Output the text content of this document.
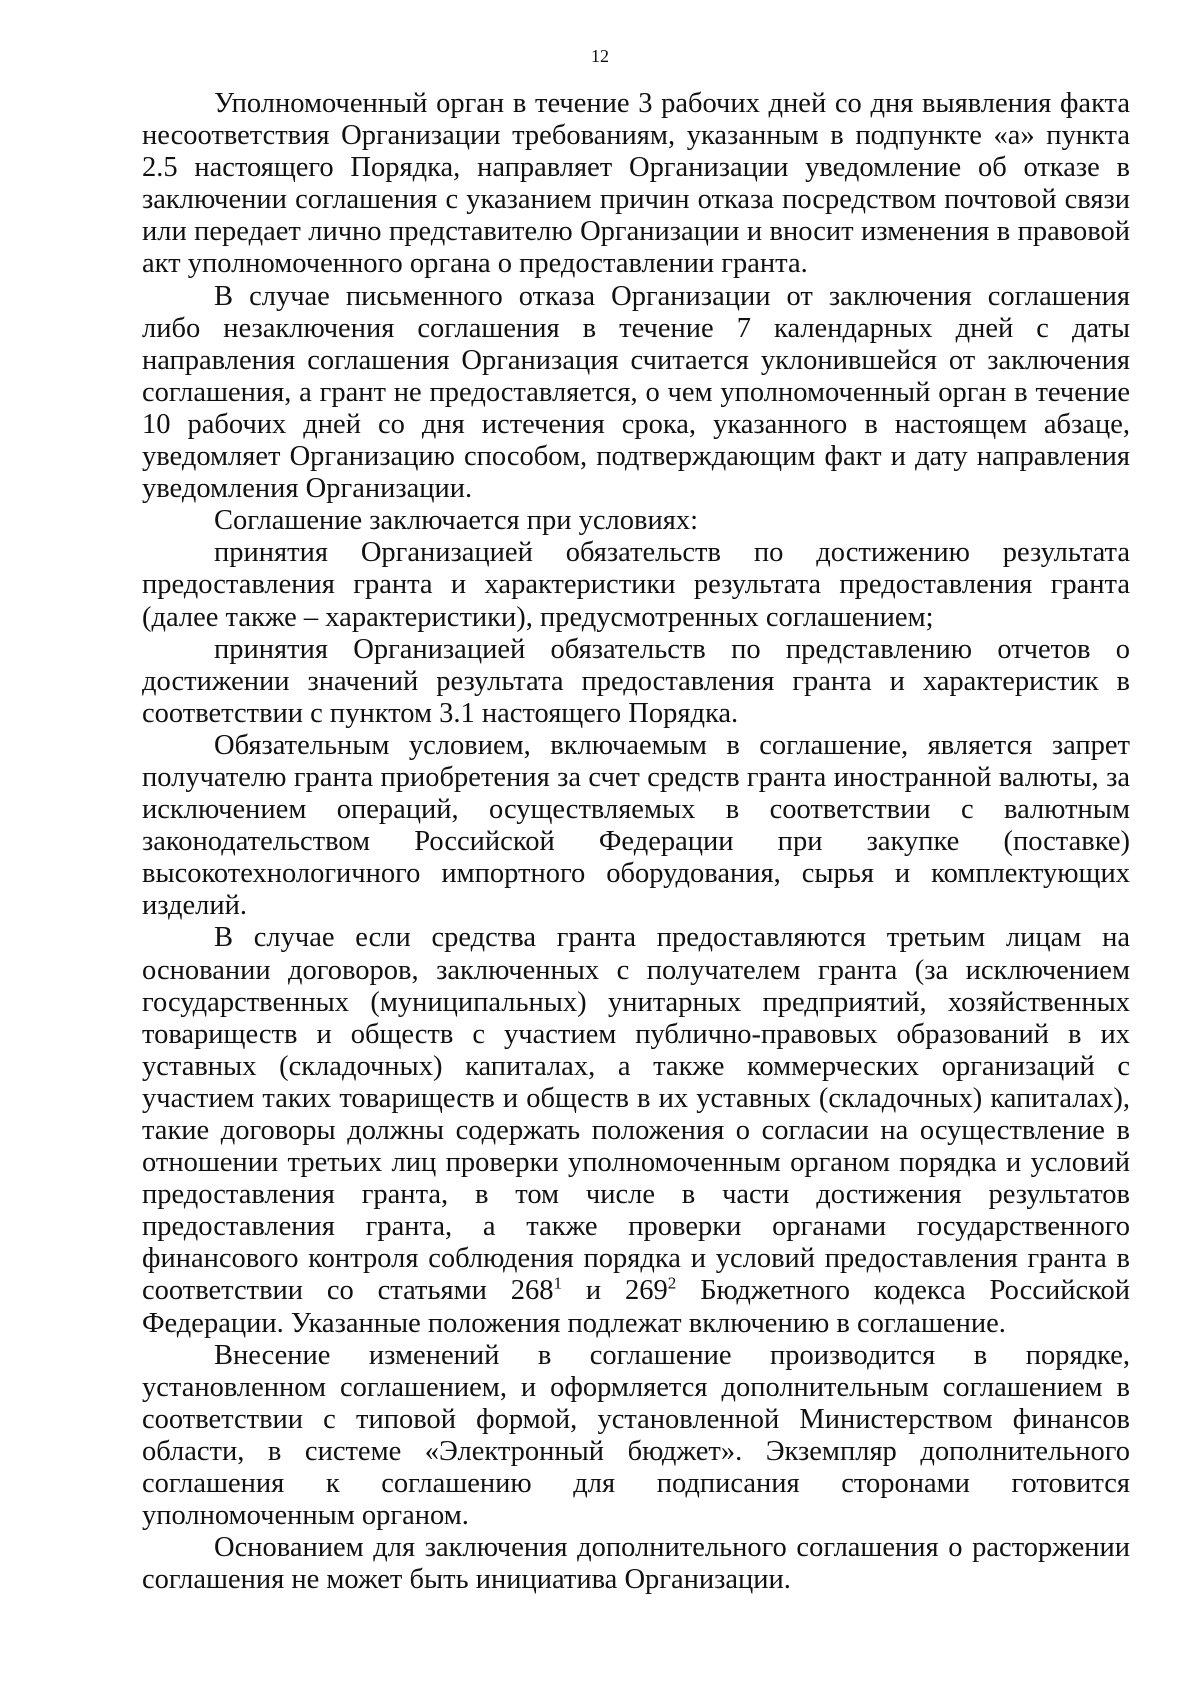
12

Уполномоченный орган в течение 3 рабочих дней со дня выявления факта несоответствия Организации требованиям, указанным в подпункте «а» пункта 2.5 настоящего Порядка, направляет Организации уведомление об отказе в заключении соглашения с указанием причин отказа посредством почтовой связи или передает лично представителю Организации и вносит изменения в правовой акт уполномоченного органа о предоставлении гранта.

В случае письменного отказа Организации от заключения соглашения либо незаключения соглашения в течение 7 календарных дней с даты направления соглашения Организация считается уклонившейся от заключения соглашения, а грант не предоставляется, о чем уполномоченный орган в течение 10 рабочих дней со дня истечения срока, указанного в настоящем абзаце, уведомляет Организацию способом, подтверждающим факт и дату направления уведомления Организации.

Соглашение заключается при условиях:

принятия Организацией обязательств по достижению результата предоставления гранта и характеристики результата предоставления гранта (далее также – характеристики), предусмотренных соглашением;

принятия Организацией обязательств по представлению отчетов о достижении значений результата предоставления гранта и характеристик в соответствии с пунктом 3.1 настоящего Порядка.

Обязательным условием, включаемым в соглашение, является запрет получателю гранта приобретения за счет средств гранта иностранной валюты, за исключением операций, осуществляемых в соответствии с валютным законодательством Российской Федерации при закупке (поставке) высокотехнологичного импортного оборудования, сырья и комплектующих изделий.

В случае если средства гранта предоставляются третьим лицам на основании договоров, заключенных с получателем гранта (за исключением государственных (муниципальных) унитарных предприятий, хозяйственных товариществ и обществ с участием публично-правовых образований в их уставных (складочных) капиталах, а также коммерческих организаций с участием таких товариществ и обществ в их уставных (складочных) капиталах), такие договоры должны содержать положения о согласии на осуществление в отношении третьих лиц проверки уполномоченным органом порядка и условий предоставления гранта, в том числе в части достижения результатов предоставления гранта, а также проверки органами государственного финансового контроля соблюдения порядка и условий предоставления гранта в соответствии со статьями $268^1$ и $269^2$ Бюджетного кодекса Российской Федерации. Указанные положения подлежат включению в соглашение.

Внесение изменений в соглашение производится в порядке, установленном соглашением, и оформляется дополнительным соглашением в соответствии с типовой формой, установленной Министерством финансов области, в системе «Электронный бюджет». Экземпляр дополнительного соглашения к соглашению для подписания сторонами готовится уполномоченным органом.

Основанием для заключения дополнительного соглашения о расторжении соглашения не может быть инициатива Организации.
